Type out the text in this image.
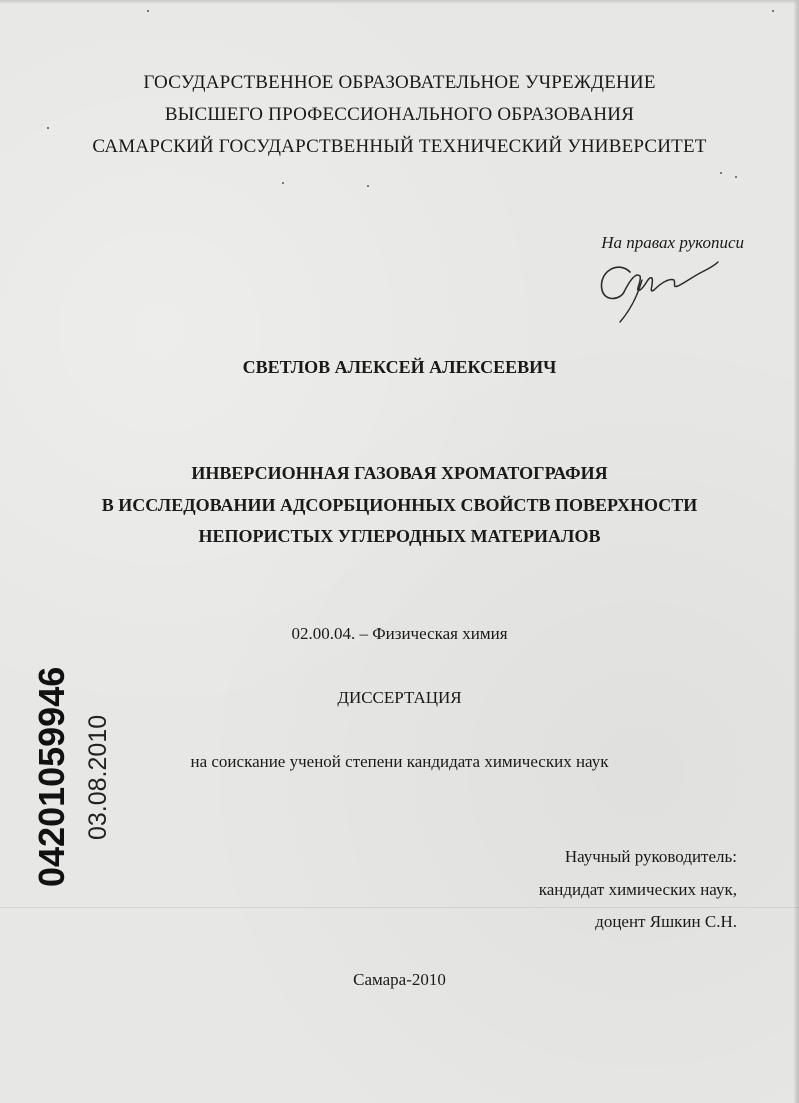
ГОСУДАРСТВЕННОЕ ОБРАЗОВАТЕЛЬНОЕ УЧРЕЖДЕНИЕ
ВЫСШЕГО ПРОФЕССИОНАЛЬНОГО ОБРАЗОВАНИЯ
САМАРСКИЙ ГОСУДАРСТВЕННЫЙ ТЕХНИЧЕСКИЙ УНИВЕРСИТЕТ
На правах рукописи
СВЕТЛОВ АЛЕКСЕЙ АЛЕКСЕЕВИЧ
ИНВЕРСИОННАЯ ГАЗОВАЯ ХРОМАТОГРАФИЯ
В ИССЛЕДОВАНИИ АДСОРБЦИОННЫХ СВОЙСТВ ПОВЕРХНОСТИ
НЕПОРИСТЫХ УГЛЕРОДНЫХ МАТЕРИАЛОВ
02.00.04. – Физическая химия
ДИССЕРТАЦИЯ
на соискание ученой степени кандидата химических наук
Научный руководитель:
кандидат химических наук,
доцент Яшкин С.Н.
Самара-2010
04201059946 03.08.2010
